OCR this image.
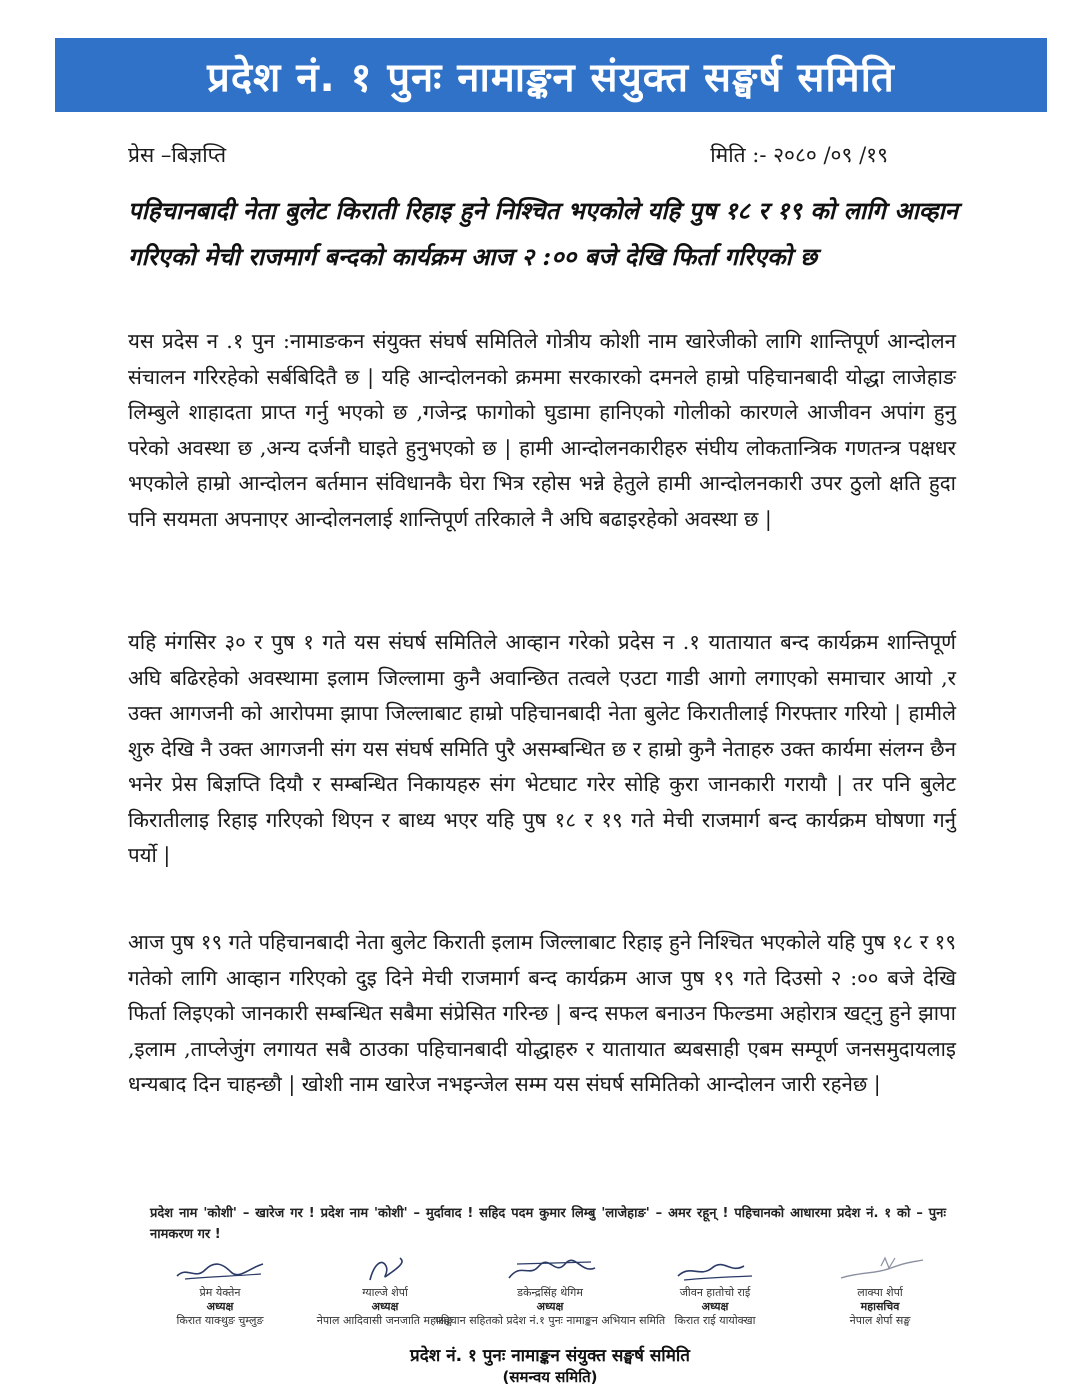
प्रदेश नं. १ पुनः नामाङ्कन संयुक्त सङ्घर्ष समिति
प्रेस –बिज्ञप्ति	मिति :- २०८० /०९ /१९
पहिचानबादी नेता बुलेट किराती रिहाइ हुने निश्चित भएकोले यहि पुष १८ र १९ को लागि आव्हान गरिएको मेची राजमार्ग बन्दको कार्यक्रम आज २ :०० बजे देखि फिर्ता गरिएको छ

यस प्रदेस न .१ पुन :नामाङकन संयुक्त संघर्ष समितिले गोत्रीय कोशी नाम खारेजीको लागि शान्तिपूर्ण आन्दोलन संचालन गरिरहेको सर्बबिदितै छ | यहि आन्दोलनको क्रममा सरकारको दमनले हाम्रो पहिचानबादी योद्धा लाजेहाङ लिम्बुले शाहादता प्राप्त गर्नु भएको छ ,गजेन्द्र फागोको घुडामा हानिएको गोलीको कारणले आजीवन अपांग हुनु परेको अवस्था छ ,अन्य दर्जनौ घाइते हुनुभएको छ | हामी आन्दोलनकारीहरु संघीय लोकतान्त्रिक गणतन्त्र पक्षधर भएकोले हाम्रो आन्दोलन बर्तमान संविधानकै घेरा भित्र रहोस भन्ने हेतुले हामी आन्दोलनकारी उपर ठुलो क्षति हुदा पनि सयमता अपनाएर आन्दोलनलाई शान्तिपूर्ण तरिकाले नै अघि बढाइरहेको अवस्था छ |

यहि मंगसिर ३० र पुष १ गते यस संघर्ष समितिले आव्हान गरेको प्रदेस न .१ यातायात बन्द कार्यक्रम शान्तिपूर्ण अघि बढिरहेको अवस्थामा इलाम जिल्लामा कुनै अवान्छित तत्वले एउटा गाडी आगो लगाएको समाचार आयो ,र उक्त आगजनी को आरोपमा झापा जिल्लाबाट हाम्रो पहिचानबादी नेता बुलेट किरातीलाई गिरफ्तार गरियो | हामीले शुरु देखि नै उक्त आगजनी संग यस संघर्ष समिति पुरै असम्बन्धित छ र हाम्रो कुनै नेताहरु उक्त कार्यमा संलग्न छैन भनेर प्रेस बिज्ञप्ति दियौ र सम्बन्धित निकायहरु संग भेटघाट गरेर सोहि कुरा जानकारी गरायौ | तर पनि बुलेट किरातीलाइ रिहाइ गरिएको थिएन र बाध्य भएर यहि पुष १८ र १९ गते मेची राजमार्ग बन्द कार्यक्रम घोषणा गर्नु पर्यो |

आज पुष १९ गते पहिचानबादी नेता बुलेट किराती इलाम जिल्लाबाट रिहाइ हुने निश्चित भएकोले यहि पुष १८ र १९ गतेको लागि आव्हान गरिएको दुइ दिने मेची राजमार्ग बन्द कार्यक्रम आज पुष १९ गते दिउसो २ :०० बजे देखि फिर्ता लिइएको जानकारी सम्बन्धित सबैमा संप्रेसित गरिन्छ | बन्द सफल बनाउन फिल्डमा अहोरात्र खट्नु हुने झापा ,इलाम ,ताप्लेजुंग लगायत सबै ठाउका पहिचानबादी योद्धाहरु र यातायात ब्यबसाही एबम सम्पूर्ण जनसमुदायलाइ धन्यबाद दिन चाहन्छौ | खोशी नाम खारेज नभइन्जेल सम्म यस संघर्ष समितिको आन्दोलन जारी रहनेछ |

प्रदेश नाम 'कोशी' – खारेज गर ! प्रदेश नाम 'कोशी' – मुर्दावाद ! सहिद पदम कुमार लिम्बु 'लाजेहाङ' – अमर रहून् ! पहिचानको आधारमा प्रदेश नं. १ को – पुनः नामकरण गर !
प्रेम येक्तेन
अध्यक्ष
किरात याक्थुङ चुम्लुङ
ग्याल्जे शेर्पा
अध्यक्ष
नेपाल आदिवासी जनजाति महासङ्घ
डकेन्द्रसिंह थेगिम
अध्यक्ष
पहिचान सहितको प्रदेश नं.१ पुनः नामाङ्कन अभियान समिति
जीवन हातोचो राई
अध्यक्ष
किरात राई यायोक्खा
लाक्पा शेर्पा
महासचिव
नेपाल शेर्पा सङ्घ
प्रदेश नं. १ पुनः नामाङ्कन संयुक्त सङ्घर्ष समिति
(समन्वय समिति)
